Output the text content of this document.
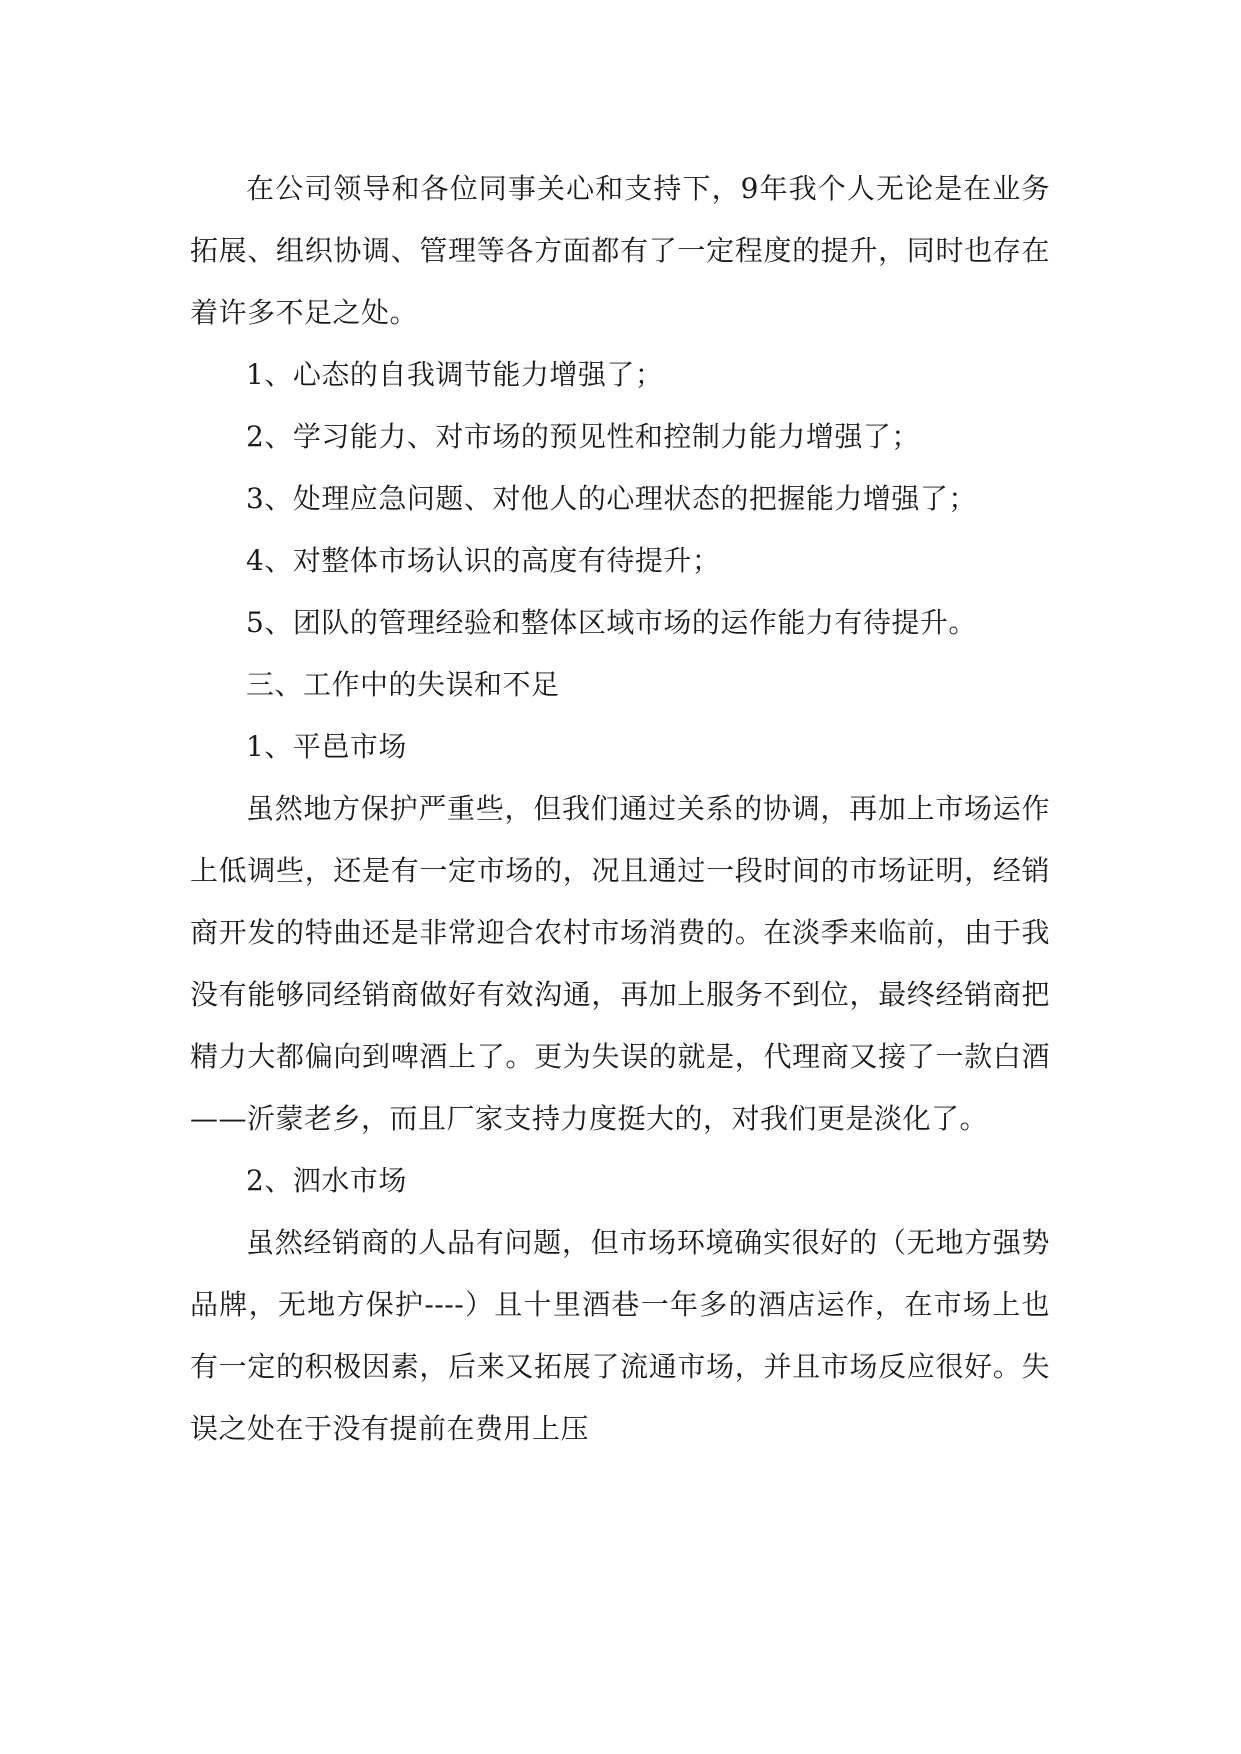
在公司领导和各位同事关心和支持下，9年我个人无论是在业务拓展、组织协调、管理等各方面都有了一定程度的提升，同时也存在着许多不足之处。

1、心态的自我调节能力增强了；

2、学习能力、对市场的预见性和控制力能力增强了；

3、处理应急问题、对他人的心理状态的把握能力增强了；

4、对整体市场认识的高度有待提升；

5、团队的管理经验和整体区域市场的运作能力有待提升。

三、工作中的失误和不足

1、平邑市场

虽然地方保护严重些，但我们通过关系的协调，再加上市场运作上低调些，还是有一定市场的，况且通过一段时间的市场证明，经销商开发的特曲还是非常迎合农村市场消费的。在淡季来临前，由于我没有能够同经销商做好有效沟通，再加上服务不到位，最终经销商把精力大都偏向到啤酒上了。更为失误的就是，代理商又接了一款白酒——沂蒙老乡，而且厂家支持力度挺大的，对我们更是淡化了。

2、泗水市场

虽然经销商的人品有问题，但市场环境确实很好的（无地方强势品牌，无地方保护----）且十里酒巷一年多的酒店运作，在市场上也有一定的积极因素，后来又拓展了流通市场，并且市场反应很好。失误之处在于没有提前在费用上压
